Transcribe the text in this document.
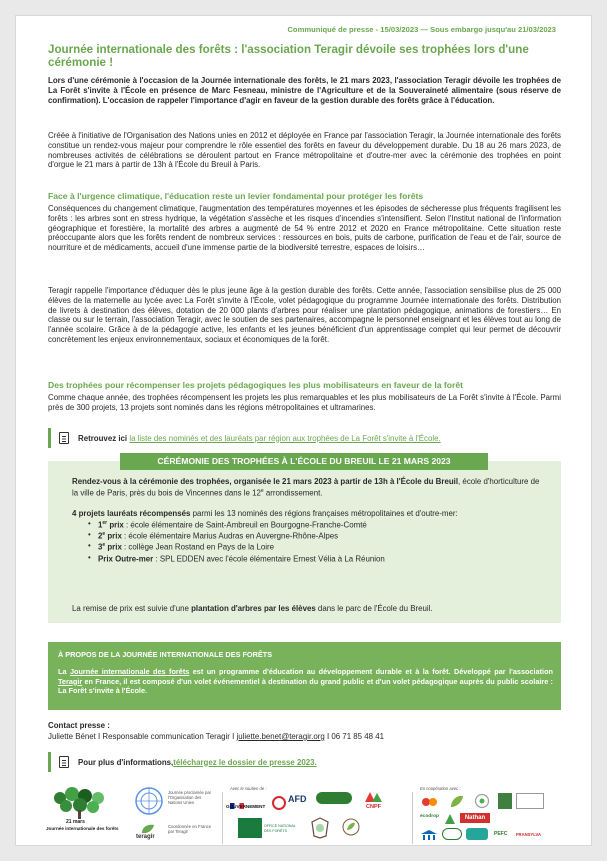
Communiqué de presse - 15/03/2023 — Sous embargo jusqu'au 21/03/2023
Journée internationale des forêts : l'association Teragir dévoile ses trophées lors d'une cérémonie !
Lors d'une cérémonie à l'occasion de la Journée internationale des forêts, le 21 mars 2023, l'association Teragir dévoile les trophées de La Forêt s'invite à l'École en présence de Marc Fesneau, ministre de l'Agriculture et de la Souveraineté alimentaire (sous réserve de confirmation). L'occasion de rappeler l'importance d'agir en faveur de la gestion durable des forêts grâce à l'éducation.
Créée à l'initiative de l'Organisation des Nations unies en 2012 et déployée en France par l'association Teragir, la Journée internationale des forêts constitue un rendez-vous majeur pour comprendre le rôle essentiel des forêts en faveur du développement durable. Du 18 au 26 mars 2023, de nombreuses activités de célébrations se déroulent partout en France métropolitaine et d'outre-mer avec la cérémonie des trophées en point d'orgue le 21 mars à partir de 13h à l'École du Breuil à Paris.
Face à l'urgence climatique, l'éducation reste un levier fondamental pour protéger les forêts
Conséquences du changement climatique, l'augmentation des températures moyennes et les épisodes de sécheresse plus fréquents fragilisent les forêts : les arbres sont en stress hydrique, la végétation s'assèche et les risques d'incendies s'intensifient. Selon l'Institut national de l'information géographique et forestière, la mortalité des arbres a augmenté de 54 % entre 2012 et 2020 en France métropolitaine. Cette situation reste préoccupante alors que les forêts rendent de nombreux services : ressources en bois, puits de carbone, purification de l'eau et de l'air, source de nourriture et de médicaments, accueil d'une immense partie de la biodiversité terrestre, espaces de loisirs…
Teragir rappelle l'importance d'éduquer dès le plus jeune âge à la gestion durable des forêts. Cette année, l'association sensibilise plus de 25 000 élèves de la maternelle au lycée avec La Forêt s'invite à l'École, volet pédagogique du programme Journée internationale des forêts. Distribution de livrets à destination des élèves, dotation de 20 000 plants d'arbres pour réaliser une plantation pédagogique, animations de forestiers… En classe ou sur le terrain, l'association Teragir, avec le soutien de ses partenaires, accompagne le personnel enseignant et les élèves tout au long de l'année scolaire. Grâce à de la pédagogie active, les enfants et les jeunes bénéficient d'un apprentissage complet qui leur permet de découvrir concrètement les enjeux environnementaux, sociaux et économiques de la forêt.
Des trophées pour récompenser les projets pédagogiques les plus mobilisateurs en faveur de la forêt
Comme chaque année, des trophées récompensent les projets les plus remarquables et les plus mobilisateurs de La Forêt s'invite à l'École. Parmi près de 300 projets, 13 projets sont nominés dans les régions métropolitaines et ultramarines.
Retrouvez ici
la liste des nominés et des lauréats par région aux trophées de La Forêt s'invite à l'École.
CÉRÉMONIE DES TROPHÉES À L'ÉCOLE DU BREUIL LE 21 MARS 2023
Rendez-vous à la cérémonie des trophées, organisée le 21 mars 2023 à partir de 13h à l'École du Breuil, école d'horticulture de la ville de Paris, près du bois de Vincennes dans le 12e arrondissement.
4 projets lauréats récompensés parmi les 13 nominés des régions françaises métropolitaines et d'outre-mer:
• 1er prix : école élémentaire de Saint-Ambreuil en Bourgogne-Franche-Comté
• 2e prix : école élémentaire Marius Audras en Auvergne-Rhône-Alpes
• 3e prix : collège Jean Rostand en Pays de la Loire
• Prix Outre-mer : SPL EDDEN avec l'école élémentaire Ernest Vélia à La Réunion
La remise de prix est suivie d'une plantation d'arbres par les élèves dans le parc de l'École du Breuil.
À PROPOS DE LA JOURNÉE INTERNATIONALE DES FORÊTS
La Journée internationale des forêts est un programme d'éducation au développement durable et à la forêt. Développé par l'association Teragir en France, il est composé d'un volet événementiel à destination du grand public et d'un volet pédagogique auprès du public scolaire : La Forêt s'invite à l'École.
Contact presse :
Juliette Bénet I Responsable communication Teragir I juliette.benet@teragir.org I 06 71 85 48 41
Pour plus d'informations, téléchargez le dossier de presse 2023.
21 mars
Journée internationale des forêts
Journée proclamée par l'Organisation des Nations Unies
teragir
Coordonnée en France par Teragir
Avec le soutien de :
GOUVERNEMENT
AFD
CNPF
OFFICE NATIONAL DES FORÊTS
En coopération avec :
ecodrop	Nathan
PEFC FRANSYLVA
